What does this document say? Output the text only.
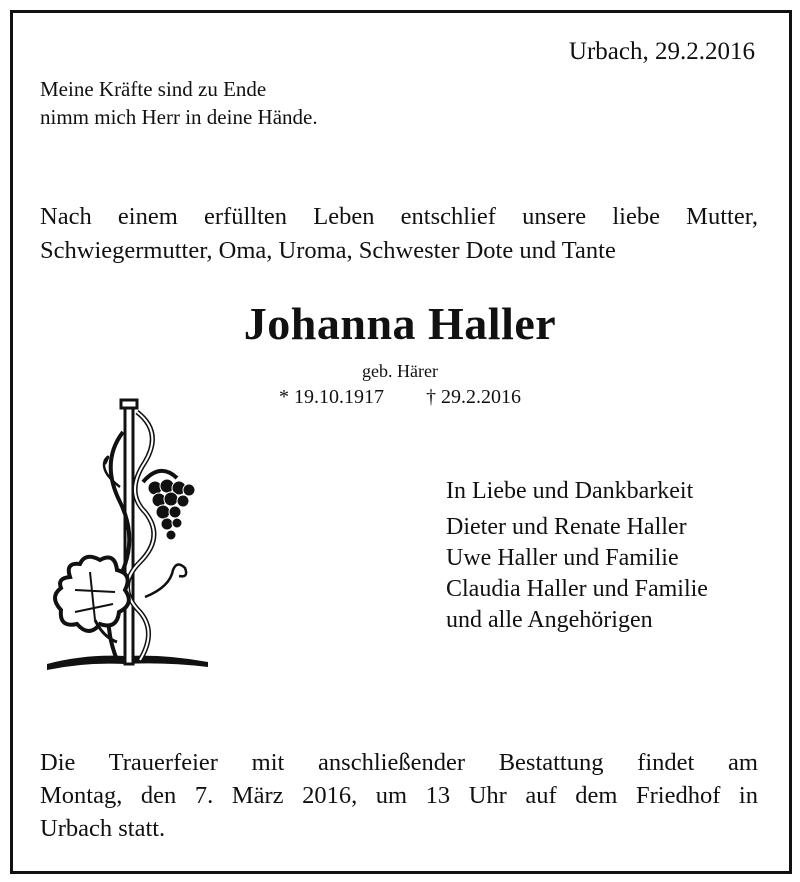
Urbach, 29.2.2016
Meine Kräfte sind zu Ende
nimm mich Herr in deine Hände.
Nach einem erfüllten Leben entschlief unsere liebe Mutter,
Schwiegermutter, Oma, Uroma, Schwester Dote und Tante
Johanna Haller
geb. Härer
* 19.10.1917 † 29.2.2016
In Liebe und Dankbarkeit
Dieter und Renate Haller
Uwe Haller und Familie
Claudia Haller und Familie
und alle Angehörigen
Die Trauerfeier mit anschließender Bestattung findet am
Montag, den 7. März 2016, um 13 Uhr auf dem Friedhof in
Urbach statt.
